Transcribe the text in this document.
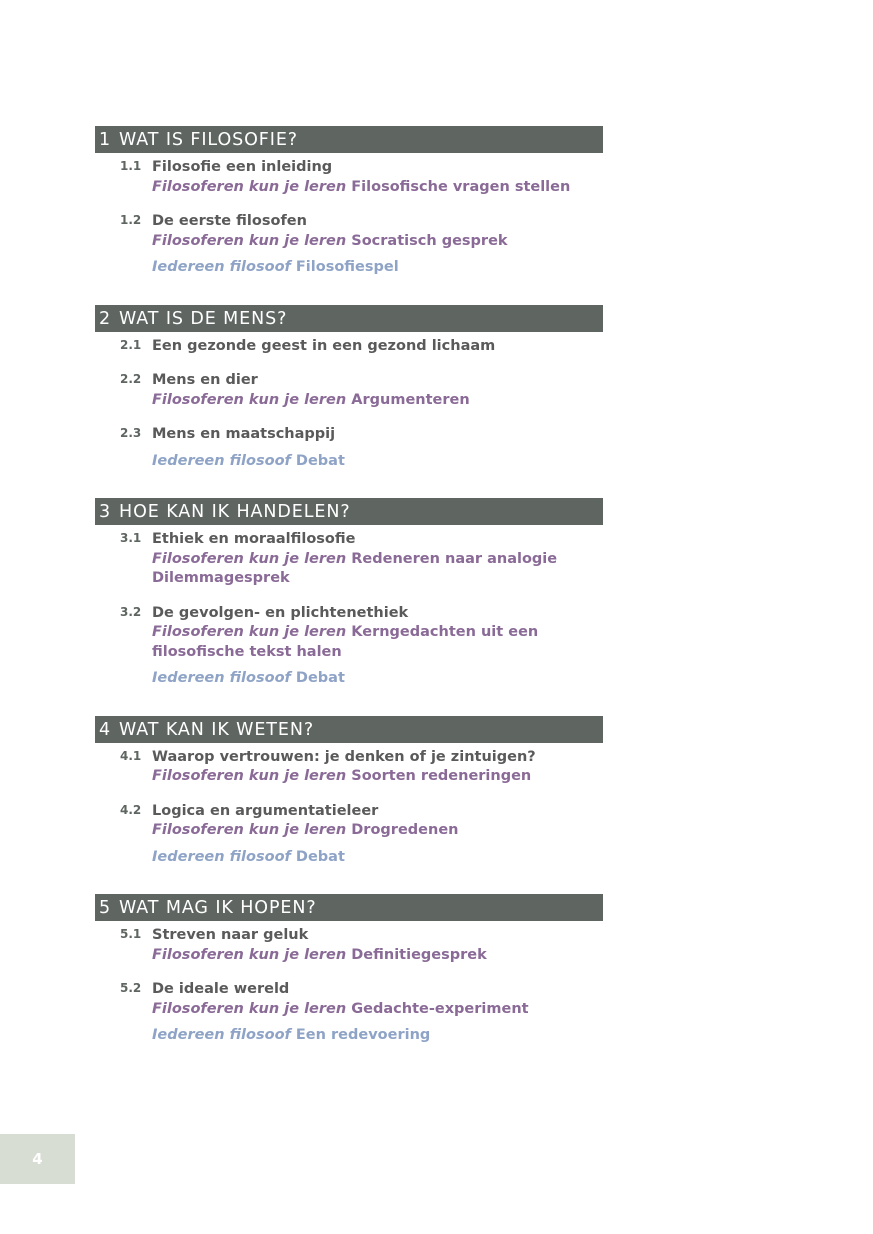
1 WAT IS FILOSOFIE?
1.1 Filosofie een inleiding
Filosoferen kun je leren Filosofische vragen stellen
1.2 De eerste filosofen
Filosoferen kun je leren Socratisch gesprek
Iedereen filosoof Filosofiespel
2 WAT IS DE MENS?
2.1 Een gezonde geest in een gezond lichaam
2.2 Mens en dier
Filosoferen kun je leren Argumenteren
2.3 Mens en maatschappij
Iedereen filosoof Debat
3 HOE KAN IK HANDELEN?
3.1 Ethiek en moraalfilosofie
Filosoferen kun je leren Redeneren naar analogie
Dilemmagesprek
3.2 De gevolgen- en plichtenethiek
Filosoferen kun je leren Kerngedachten uit een
filosofische tekst halen
Iedereen filosoof Debat
4 WAT KAN IK WETEN?
4.1 Waarop vertrouwen: je denken of je zintuigen?
Filosoferen kun je leren Soorten redeneringen
4.2 Logica en argumentatieleer
Filosoferen kun je leren Drogredenen
Iedereen filosoof Debat
5 WAT MAG IK HOPEN?
5.1 Streven naar geluk
Filosoferen kun je leren Definitiegesprek
5.2 De ideale wereld
Filosoferen kun je leren Gedachte-experiment
Iedereen filosoof Een redevoering
4
